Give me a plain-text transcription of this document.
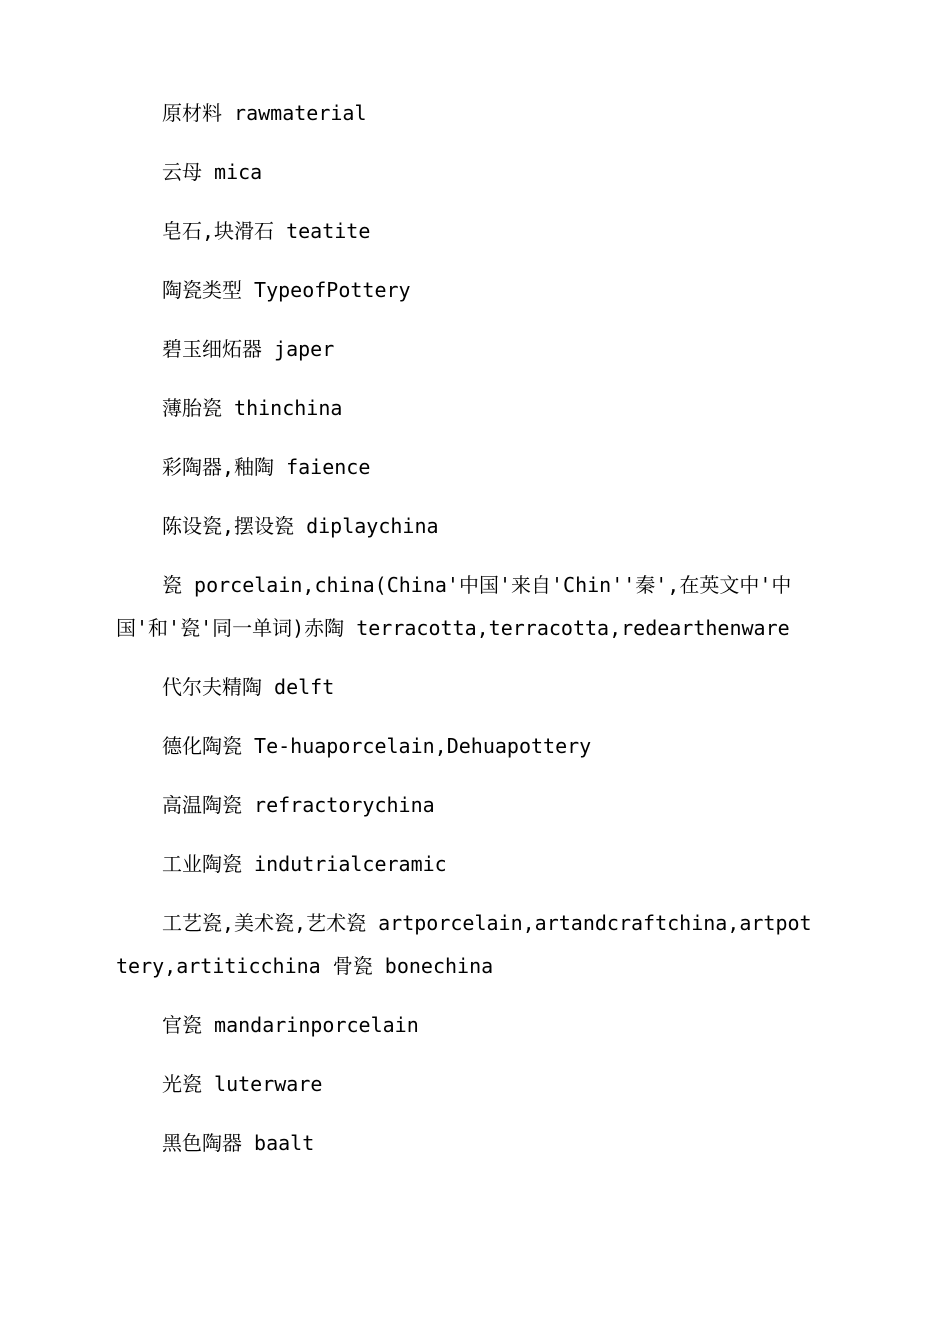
原材料 rawmaterial

云母 mica

皂石,块滑石 teatite

陶瓷类型 TypeofPottery

碧玉细炻器 japer

薄胎瓷 thinchina

彩陶器,釉陶 faience

陈设瓷,摆设瓷 diplaychina

瓷 porcelain,china(China'中国'来自'Chin''秦',在英文中'中国'和'瓷'同一单词)赤陶 terracotta,terracotta,redearthenware

代尔夫精陶 delft

德化陶瓷 Te-huaporcelain,Dehuapottery

高温陶瓷 refractorychina

工业陶瓷 indutrialceramic

工艺瓷,美术瓷,艺术瓷 artporcelain,artandcraftchina,artpottery,artiticchina 骨瓷 bonechina

官瓷 mandarinporcelain

光瓷 luterware

黑色陶器 baalt
